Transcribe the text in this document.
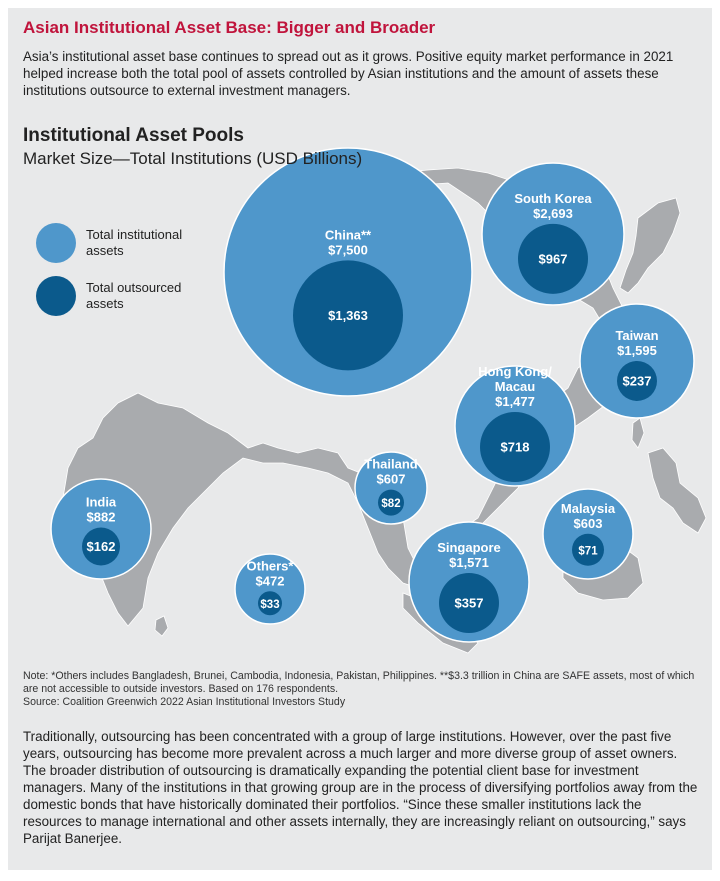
Asian Institutional Asset Base: Bigger and Broader
Asia’s institutional asset base continues to spread out as it grows. Positive equity market performance in 2021 helped increase both the total pool of assets controlled by Asian institutions and the amount of assets these institutions outsource to external investment managers.
$1,363
China**
$7,500
$967
South Korea
$2,693
$237
Taiwan
$1,595
$718
Hong Kong/
Macau
$1,477
$82
Thailand
$607
$162
India
$882
$71
Malaysia
$603
$357
Singapore
$1,571
$33
Others*
$472
Institutional Asset Pools
Market Size—Total Institutions (USD Billions)
Total institutional assets
Total outsourced assets
Note: *Others includes Bangladesh, Brunei, Cambodia, Indonesia, Pakistan, Philippines. **$3.3 trillion in China are SAFE assets, most of which are not accessible to outside investors. Based on 176 respondents.
Source: Coalition Greenwich 2022 Asian Institutional Investors Study
Traditionally, outsourcing has been concentrated with a group of large institutions. However, over the past five years, outsourcing has become more prevalent across a much larger and more diverse group of asset owners. The broader distribution of outsourcing is dramatically expanding the potential client base for investment managers. Many of the institutions in that growing group are in the process of diversifying portfolios away from the domestic bonds that have historically dominated their portfolios. “Since these smaller institutions lack the resources to manage international and other assets internally, they are increasingly reliant on outsourcing,” says Parijat Banerjee.
